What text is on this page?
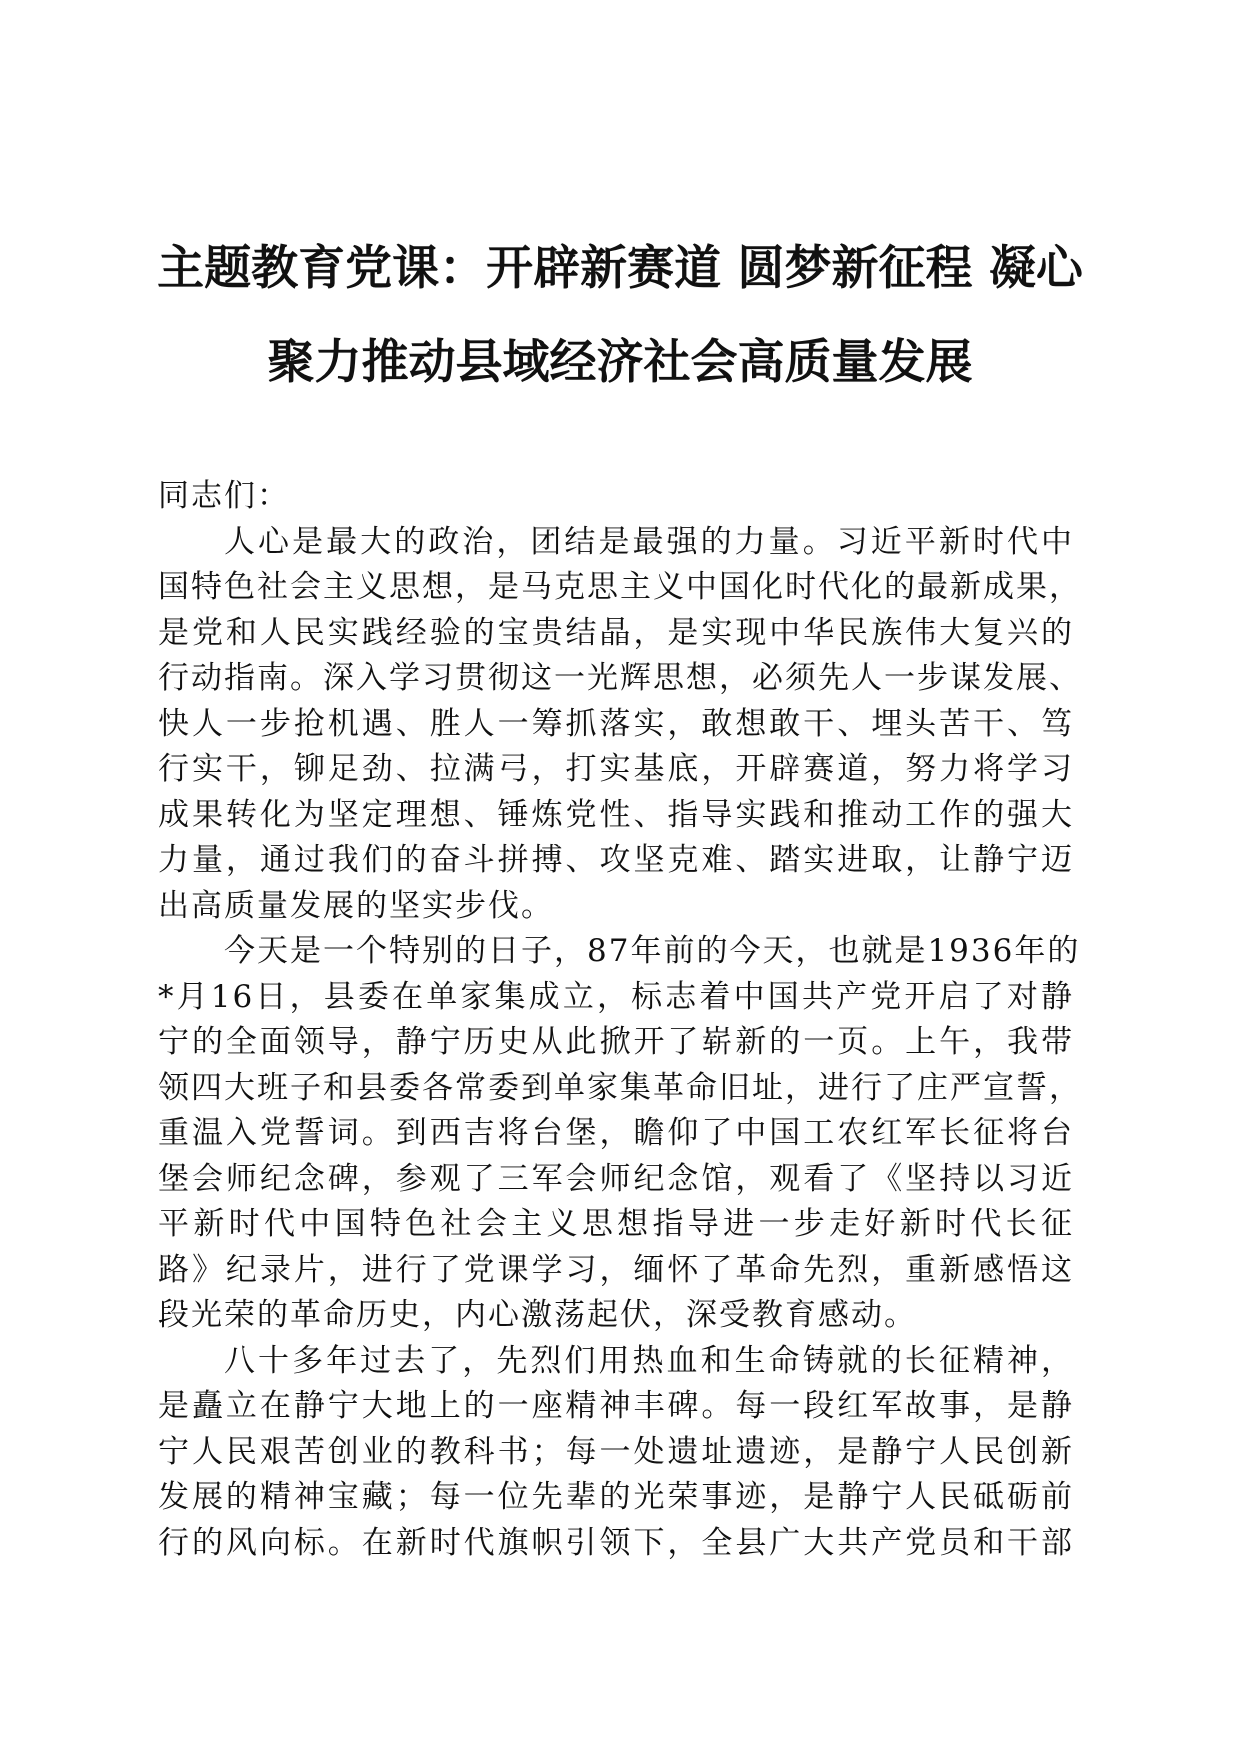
主题教育党课：开辟新赛道 圆梦新征程 凝心
聚力推动县域经济社会高质量发展
同志们：
人心是最大的政治，团结是最强的力量。习近平新时代中
国特色社会主义思想，是马克思主义中国化时代化的最新成果，
是党和人民实践经验的宝贵结晶，是实现中华民族伟大复兴的
行动指南。深入学习贯彻这一光辉思想，必须先人一步谋发展、
快人一步抢机遇、胜人一筹抓落实，敢想敢干、埋头苦干、笃
行实干，铆足劲、拉满弓，打实基底，开辟赛道，努力将学习
成果转化为坚定理想、锤炼党性、指导实践和推动工作的强大
力量，通过我们的奋斗拼搏、攻坚克难、踏实进取，让静宁迈
出高质量发展的坚实步伐。
今天是一个特别的日子，87年前的今天，也就是1936年的
*月16日，县委在单家集成立，标志着中国共产党开启了对静
宁的全面领导，静宁历史从此掀开了崭新的一页。上午，我带
领四大班子和县委各常委到单家集革命旧址，进行了庄严宣誓，
重温入党誓词。到西吉将台堡，瞻仰了中国工农红军长征将台
堡会师纪念碑，参观了三军会师纪念馆，观看了《坚持以习近
平新时代中国特色社会主义思想指导进一步走好新时代长征
路》纪录片，进行了党课学习，缅怀了革命先烈，重新感悟这
段光荣的革命历史，内心激荡起伏，深受教育感动。
八十多年过去了，先烈们用热血和生命铸就的长征精神，
是矗立在静宁大地上的一座精神丰碑。每一段红军故事，是静
宁人民艰苦创业的教科书；每一处遗址遗迹，是静宁人民创新
发展的精神宝藏；每一位先辈的光荣事迹，是静宁人民砥砺前
行的风向标。在新时代旗帜引领下，全县广大共产党员和干部
